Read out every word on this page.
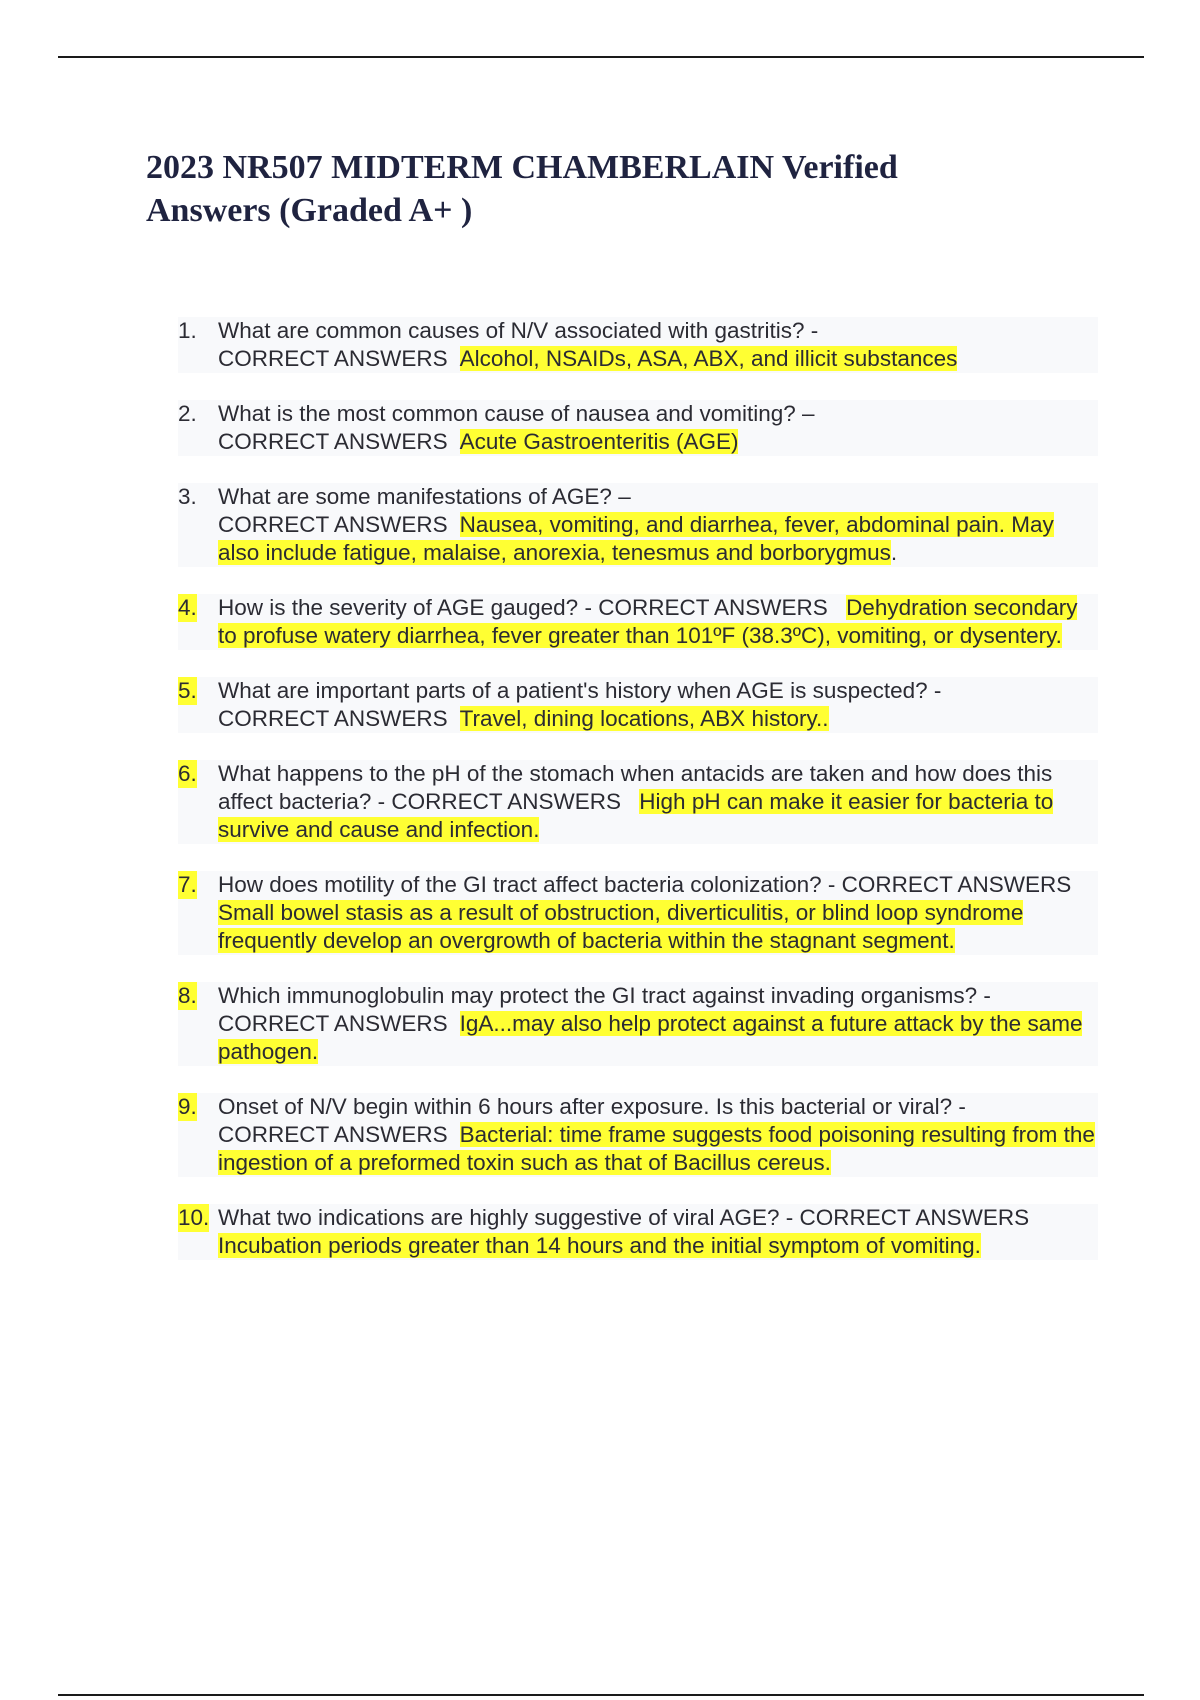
2023 NR507 MIDTERM CHAMBERLAIN Verified
Answers (Graded A+ )
1. What are common causes of N/V associated with gastritis? -
CORRECT ANSWERS Alcohol, NSAIDs, ASA, ABX, and illicit substances
2. What is the most common cause of nausea and vomiting? –
CORRECT ANSWERS Acute Gastroenteritis (AGE)
3. What are some manifestations of AGE? –
CORRECT ANSWERS Nausea, vomiting, and diarrhea, fever, abdominal pain. May also include fatigue, malaise, anorexia, tenesmus and borborygmus.
4. How is the severity of AGE gauged? - CORRECT ANSWERS Dehydration secondary to profuse watery diarrhea, fever greater than 101ºF (38.3ºC), vomiting, or dysentery.
5. What are important parts of a patient's history when AGE is suspected? -
CORRECT ANSWERS Travel, dining locations, ABX history..
6. What happens to the pH of the stomach when antacids are taken and how does this affect bacteria? - CORRECT ANSWERS High pH can make it easier for bacteria to survive and cause and infection.
7. How does motility of the GI tract affect bacteria colonization? - CORRECT ANSWERS Small bowel stasis as a result of obstruction, diverticulitis, or blind loop syndrome frequently develop an overgrowth of bacteria within the stagnant segment.
8. Which immunoglobulin may protect the GI tract against invading organisms? -
CORRECT ANSWERS IgA...may also help protect against a future attack by the same pathogen.
9. Onset of N/V begin within 6 hours after exposure. Is this bacterial or viral? -
CORRECT ANSWERS Bacterial: time frame suggests food poisoning resulting from the ingestion of a preformed toxin such as that of Bacillus cereus.
10. What two indications are highly suggestive of viral AGE? - CORRECT ANSWERS Incubation periods greater than 14 hours and the initial symptom of vomiting.
